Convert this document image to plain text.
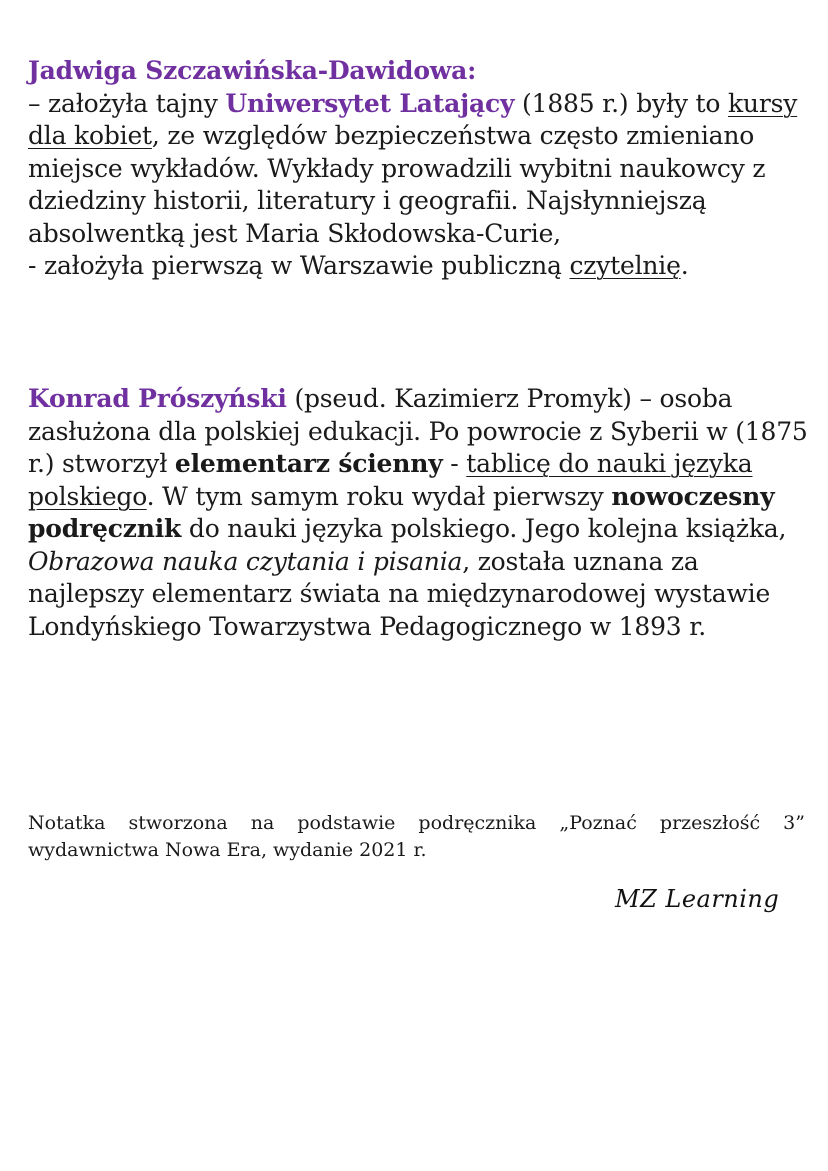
Jadwiga Szczawińska-Dawidowa:
– założyła tajny Uniwersytet Latający (1885 r.) były to kursy dla kobiet, ze względów bezpieczeństwa często zmieniano miejsce wykładów. Wykłady prowadzili wybitni naukowcy z dziedziny historii, literatury i geografii. Najsłynniejszą absolwentką jest Maria Skłodowska-Curie,
- założyła pierwszą w Warszawie publiczną czytelnię.
Konrad Prószyński (pseud. Kazimierz Promyk) – osoba zasłużona dla polskiej edukacji. Po powrocie z Syberii w (1875 r.) stworzył elementarz ścienny - tablicę do nauki języka polskiego. W tym samym roku wydał pierwszy nowoczesny podręcznik do nauki języka polskiego. Jego kolejna książka, Obrazowa nauka czytania i pisania, została uznana za najlepszy elementarz świata na międzynarodowej wystawie Londyńskiego Towarzystwa Pedagogicznego w 1893 r.
Notatka stworzona na podstawie podręcznika „Poznać przeszłość 3” wydawnictwa Nowa Era, wydanie 2021 r.
MZ Learning
